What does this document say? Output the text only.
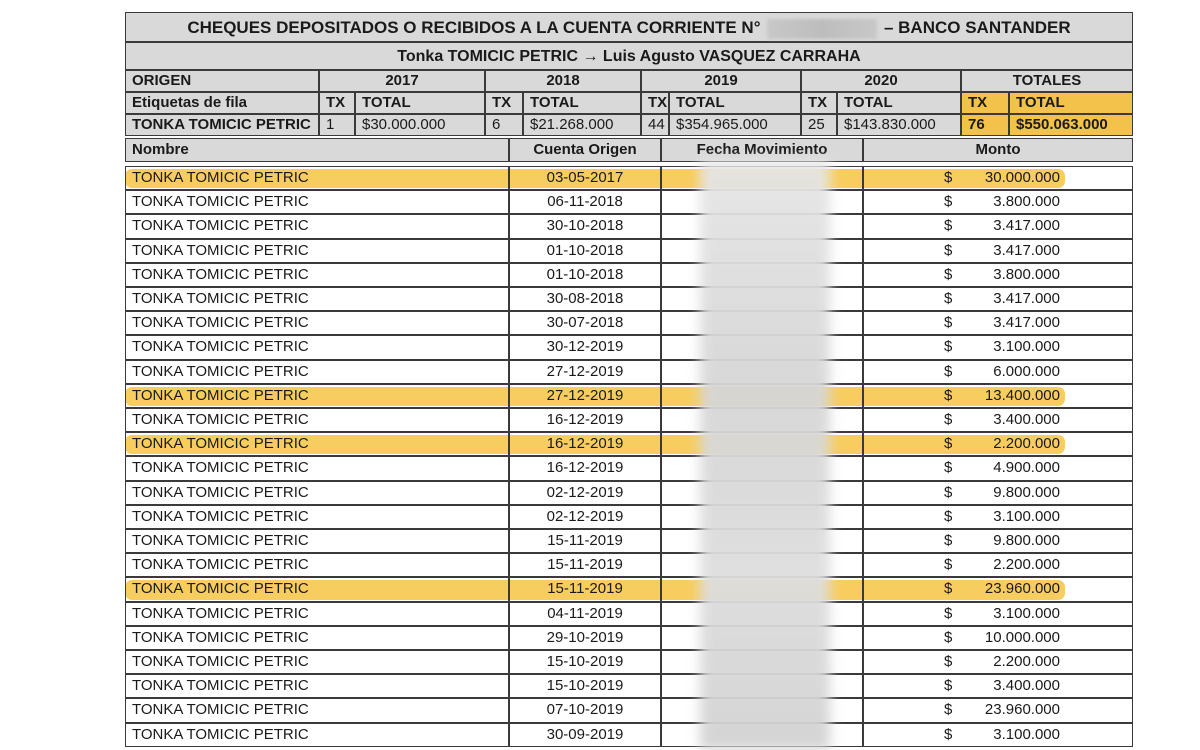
CHEQUES DEPOSITADOS O RECIBIDOS A LA CUENTA CORRIENTE N°	– BANCO SANTANDER
Tonka TOMICIC PETRIC → Luis Agusto VASQUEZ CARRAHA
ORIGEN	2017	2018	2019	2020	TOTALES
Etiquetas de fila	TX	TOTAL	TX	TOTAL	TX TOTAL	TX	TOTAL	TX	TOTAL
TONKA TOMICIC PETRIC	1	$30.000.000	6	$21.268.000	44 $354.965.000	25	$143.830.000	76	$550.063.000
Nombre	Cuenta Origen	Fecha Movimiento	Monto
TONKA TOMICIC PETRIC	03-05-2017	$ 30.000.000
TONKA TOMICIC PETRIC	06-11-2018	$	3.800.000
TONKA TOMICIC PETRIC	30-10-2018	$	3.417.000
TONKA TOMICIC PETRIC	01-10-2018	$	3.417.000
TONKA TOMICIC PETRIC	01-10-2018	$	3.800.000
TONKA TOMICIC PETRIC	30-08-2018	$	3.417.000
TONKA TOMICIC PETRIC	30-07-2018	$	3.417.000
TONKA TOMICIC PETRIC	30-12-2019	$	3.100.000
TONKA TOMICIC PETRIC	27-12-2019	$	6.000.000
TONKA TOMICIC PETRIC	27-12-2019	$ 13.400.000
TONKA TOMICIC PETRIC	16-12-2019	$	3.400.000
TONKA TOMICIC PETRIC	16-12-2019	$	2.200.000
TONKA TOMICIC PETRIC	16-12-2019	$	4.900.000
TONKA TOMICIC PETRIC	02-12-2019	$	9.800.000
TONKA TOMICIC PETRIC	02-12-2019	$	3.100.000
TONKA TOMICIC PETRIC	15-11-2019	$	9.800.000
TONKA TOMICIC PETRIC	15-11-2019	$	2.200.000
TONKA TOMICIC PETRIC	15-11-2019	$ 23.960.000
TONKA TOMICIC PETRIC	04-11-2019	$	3.100.000
TONKA TOMICIC PETRIC	29-10-2019	$ 10.000.000
TONKA TOMICIC PETRIC	15-10-2019	$	2.200.000
TONKA TOMICIC PETRIC	15-10-2019	$	3.400.000
TONKA TOMICIC PETRIC	07-10-2019	$ 23.960.000
TONKA TOMICIC PETRIC	30-09-2019	$	3.100.000
